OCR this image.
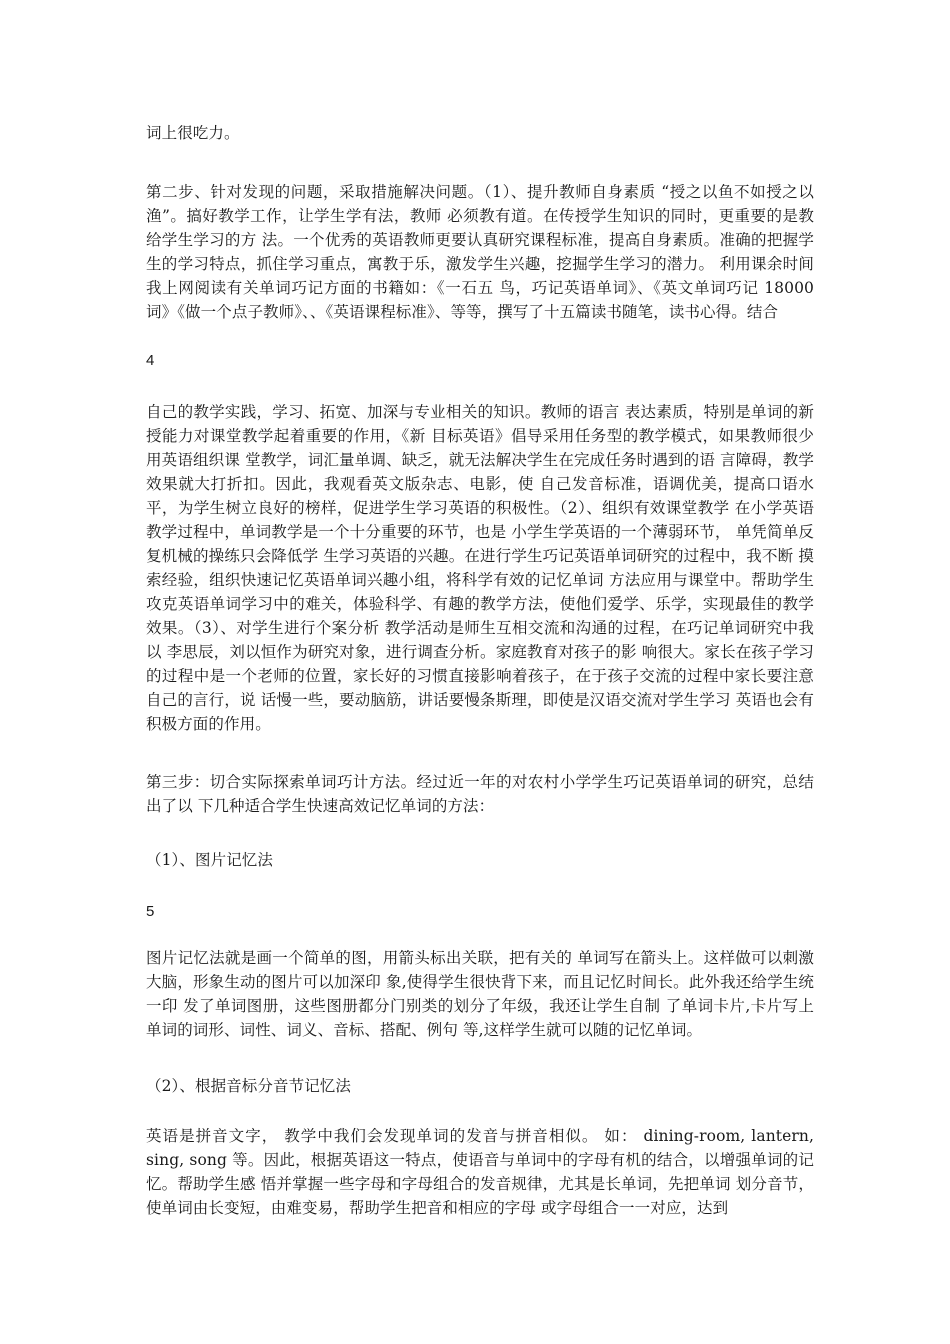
词上很吃力。
第二步、针对发现的问题，采取措施解决问题。（1）、提升教师自身素质 “授之以鱼不如授之以渔”。搞好教学工作，让学生学有法，教师 必须教有道。在传授学生知识的同时，更重要的是教给学生学习的方 法。一个优秀的英语教师更要认真研究课程标准，提高自身素质。准确的把握学生的学习特点，抓住学习重点，寓教于乐，激发学生兴趣，挖掘学生学习的潜力。 利用课余时间我上网阅读有关单词巧记方面的书籍如：《一石五 鸟，巧记英语单词》、《英文单词巧记 18000 词》《做一个点子教师》、、《英语课程标准》、等等，撰写了十五篇读书随笔，读书心得。结合
4
自己的教学实践，学习、拓宽、加深与专业相关的知识。教师的语言 表达素质，特别是单词的新授能力对课堂教学起着重要的作用，《新 目标英语》倡导采用任务型的教学模式，如果教师很少用英语组织课 堂教学，词汇量单调、缺乏，就无法解决学生在完成任务时遇到的语 言障碍，教学效果就大打折扣。因此，我观看英文版杂志、电影，使 自己发音标准，语调优美，提高口语水平，为学生树立良好的榜样，促进学生学习英语的积极性。（2）、组织有效课堂教学 在小学英语教学过程中，单词教学是一个十分重要的环节，也是 小学生学英语的一个薄弱环节， 单凭简单反复机械的操练只会降低学 生学习英语的兴趣。在进行学生巧记英语单词研究的过程中，我不断 摸索经验，组织快速记忆英语单词兴趣小组，将科学有效的记忆单词 方法应用与课堂中。帮助学生攻克英语单词学习中的难关，体验科学、有趣的教学方法，使他们爱学、乐学，实现最佳的教学效果。（3）、对学生进行个案分析 教学活动是师生互相交流和沟通的过程，在巧记单词研究中我以 李思辰，刘以恒作为研究对象，进行调查分析。家庭教育对孩子的影 响很大。家长在孩子学习的过程中是一个老师的位置，家长好的习惯直接影响着孩子，在于孩子交流的过程中家长要注意自己的言行，说 话慢一些，要动脑筋，讲话要慢条斯理，即使是汉语交流对学生学习 英语也会有积极方面的作用。
第三步：切合实际探索单词巧计方法。经过近一年的对农村小学学生巧记英语单词的研究，总结出了以 下几种适合学生快速高效记忆单词的方法：
（1）、图片记忆法
5
图片记忆法就是画一个简单的图，用箭头标出关联，把有关的 单词写在箭头上。这样做可以刺激大脑，形象生动的图片可以加深印 象,使得学生很快背下来，而且记忆时间长。此外我还给学生统一印 发了单词图册，这些图册都分门别类的划分了年级，我还让学生自制 了单词卡片,卡片写上单词的词形、词性、词义、音标、搭配、例句 等,这样学生就可以随的记忆单词。
（2）、根据音标分音节记忆法
英语是拼音文字， 教学中我们会发现单词的发音与拼音相似。 如： dining-room, lantern, sing, song 等。因此，根据英语这一特点，使语音与单词中的字母有机的结合，以增强单词的记忆。帮助学生感 悟并掌握一些字母和字母组合的发音规律，尤其是长单词，先把单词 划分音节，使单词由长变短，由难变易，帮助学生把音和相应的字母 或字母组合一一对应，达到
